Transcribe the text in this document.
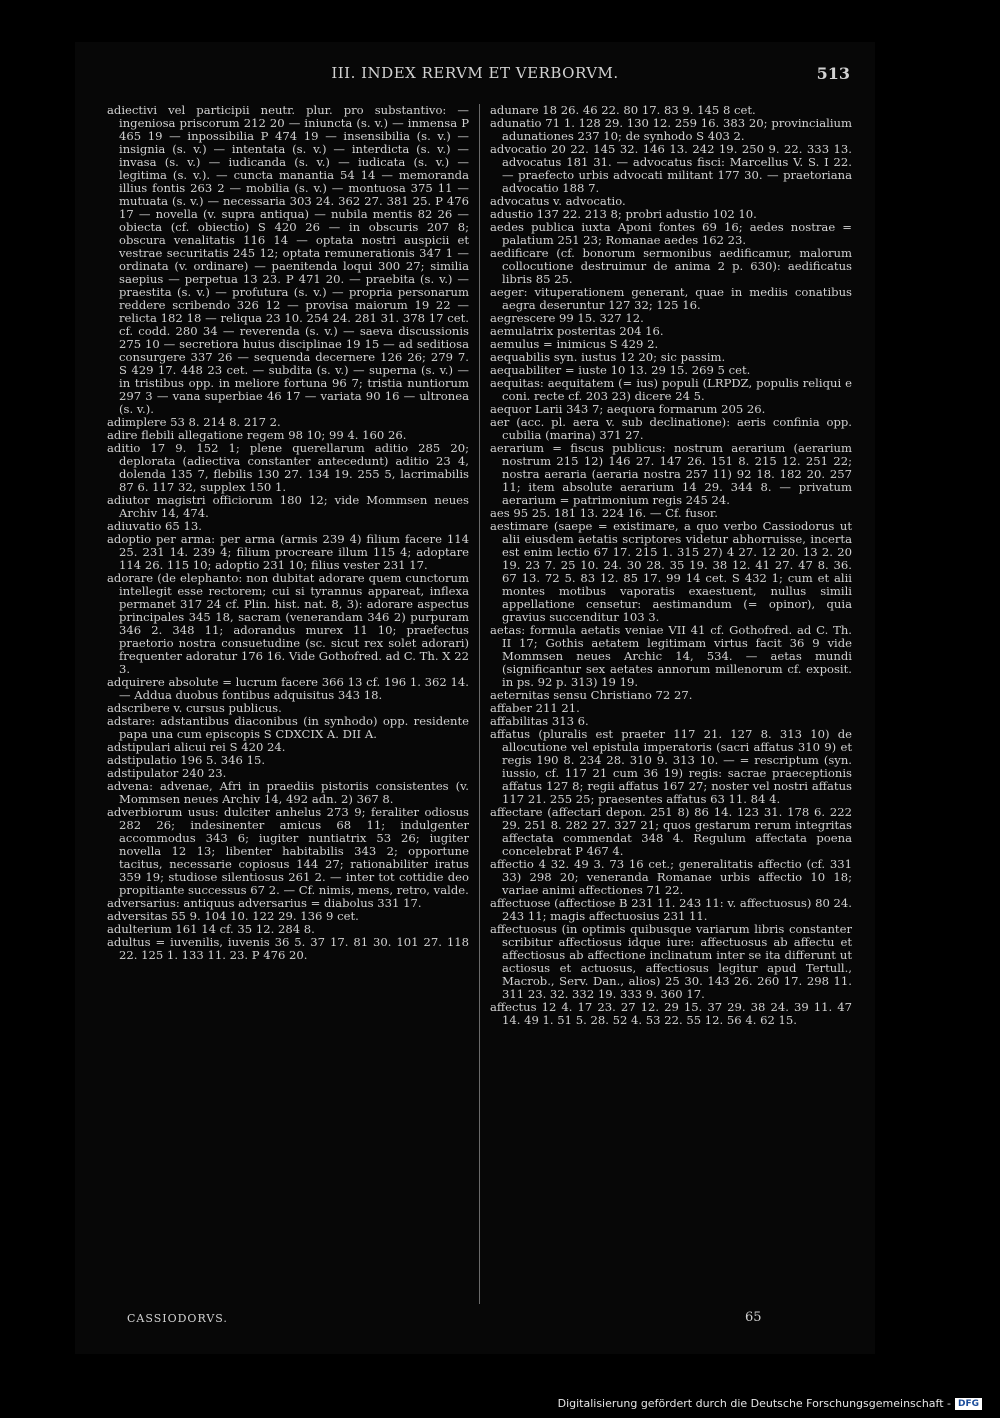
III. INDEX RERVM ET VERBORVM.	513

adiectivi vel participii neutr. plur. pro substantivo: — ingeniosa priscorum 212 20 — iniuncta (s. v.) — inmensa P 465 19 — inpossibilia P 474 19 — insensibilia (s. v.) — insignia (s. v.) — intentata (s. v.) — interdicta (s. v.) — invasa (s. v.) — iudicanda (s. v.) — iudicata (s. v.) — legitima (s. v.). — cuncta manantia 54 14 — memoranda illius fontis 263 2 — mobilia (s. v.) — montuosa 375 11 — mutuata (s. v.) — necessaria 303 24. 362 27. 381 25. P 476 17 — novella (v. supra antiqua) — nubila mentis 82 26 — obiecta (cf. obiectio) S 420 26 — in obscuris 207 8; obscura venalitatis 116 14 — optata nostri auspicii et vestrae securitatis 245 12; optata remunerationis 347 1 — ordinata (v. ordinare) — paenitenda loqui 300 27; similia saepius — perpetua 13 23. P 471 20. — praebita (s. v.) — praestita (s. v.) — profutura (s. v.) — propria personarum reddere scribendo 326 12 — provisa maiorum 19 22 — relicta 182 18 — reliqua 23 10. 254 24. 281 31. 378 17 cet. cf. codd. 280 34 — reverenda (s. v.) — saeva discussionis 275 10 — secretiora huius disciplinae 19 15 — ad seditiosa consurgere 337 26 — sequenda decernere 126 26; 279 7. S 429 17. 448 23 cet. — subdita (s. v.) — superna (s. v.) — in tristibus opp. in meliore fortuna 96 7; tristia nuntiorum 297 3 — vana superbiae 46 17 — variata 90 16 — ultronea (s. v.).

adimplere 53 8. 214 8. 217 2.

adire flebili allegatione regem 98 10; 99 4. 160 26.

aditio 17 9. 152 1; plene querellarum aditio 285 20; deplorata (adiectiva constanter antecedunt) aditio 23 4, dolenda 135 7, flebilis 130 27. 134 19. 255 5, lacrimabilis 87 6. 117 32, supplex 150 1.

adiutor magistri officiorum 180 12; vide Mommsen neues Archiv 14, 474.

adiuvatio 65 13.

adoptio per arma: per arma (armis 239 4) filium facere 114 25. 231 14. 239 4; filium procreare illum 115 4; adoptare 114 26. 115 10; adoptio 231 10; filius vester 231 17.

adorare (de elephanto: non dubitat adorare quem cunctorum intellegit esse rectorem; cui si tyrannus appareat, inflexa permanet 317 24 cf. Plin. hist. nat. 8, 3): adorare aspectus principales 345 18, sacram (venerandam 346 2) purpuram 346 2. 348 11; adorandus murex 11 10; praefectus praetorio nostra consuetudine (sc. sicut rex solet adorari) frequenter adoratur 176 16. Vide Gothofred. ad C. Th. X 22 3.

adquirere absolute = lucrum facere 366 13 cf. 196 1. 362 14. — Addua duobus fontibus adquisitus 343 18.

adscribere v. cursus publicus.

adstare: adstantibus diaconibus (in synhodo) opp. residente papa una cum episcopis S CDXCIX A. DII A.

adstipulari alicui rei S 420 24.

adstipulatio 196 5. 346 15.

adstipulator 240 23.

advena: advenae, Afri in praediis pistoriis consistentes (v. Mommsen neues Archiv 14, 492 adn. 2) 367 8.

adverbiorum usus: dulciter anhelus 273 9; feraliter odiosus 282 26; indesinenter amicus 68 11; indulgenter accommodus 343 6; iugiter nuntiatrix 53 26; iugiter novella 12 13; libenter habitabilis 343 2; opportune tacitus, necessarie copiosus 144 27; rationabiliter iratus 359 19; studiose silentiosus 261 2. — inter tot cottidie deo propitiante successus 67 2. — Cf. nimis, mens, retro, valde.

adversarius: antiquus adversarius = diabolus 331 17.

adversitas 55 9. 104 10. 122 29. 136 9 cet.

adulterium 161 14 cf. 35 12. 284 8.

adultus = iuvenilis, iuvenis 36 5. 37 17. 81 30. 101 27. 118 22. 125 1. 133 11. 23. P 476 20.

adunare 18 26. 46 22. 80 17. 83 9. 145 8 cet.

adunatio 71 1. 128 29. 130 12. 259 16. 383 20; provincialium adunationes 237 10; de synhodo S 403 2.

advocatio 20 22. 145 32. 146 13. 242 19. 250 9. 22. 333 13. advocatus 181 31. — advocatus fisci: Marcellus V. S. I 22. — praefecto urbis advocati militant 177 30. — praetoriana advocatio 188 7.

advocatus v. advocatio.

adustio 137 22. 213 8; probri adustio 102 10.

aedes publica iuxta Aponi fontes 69 16; aedes nostrae = palatium 251 23; Romanae aedes 162 23.

aedificare (cf. bonorum sermonibus aedificamur, malorum collocutione destruimur de anima 2 p. 630): aedificatus libris 85 25.

aeger: vituperationem generant, quae in mediis conatibus aegra deseruntur 127 32; 125 16.

aegrescere 99 15. 327 12.

aemulatrix posteritas 204 16.

aemulus = inimicus S 429 2.

aequabilis syn. iustus 12 20; sic passim.

aequabiliter = iuste 10 13. 29 15. 269 5 cet.

aequitas: aequitatem (= ius) populi (LRPDZ, populis reliqui e coni. recte cf. 203 23) dicere 24 5.

aequor Larii 343 7; aequora formarum 205 26.

aer (acc. pl. aera v. sub declinatione): aeris confinia opp. cubilia (marina) 371 27.

aerarium = fiscus publicus: nostrum aerarium (aerarium nostrum 215 12) 146 27. 147 26. 151 8. 215 12. 251 22; nostra aeraria (aeraria nostra 257 11) 92 18. 182 20. 257 11; item absolute aerarium 14 29. 344 8. — privatum aerarium = patrimonium regis 245 24.

aes 95 25. 181 13. 224 16. — Cf. fusor.

aestimare (saepe = existimare, a quo verbo Cassiodorus ut alii eiusdem aetatis scriptores videtur abhorruisse, incerta est enim lectio 67 17. 215 1. 315 27) 4 27. 12 20. 13 2. 20 19. 23 7. 25 10. 24. 30 28. 35 19. 38 12. 41 27. 47 8. 36. 67 13. 72 5. 83 12. 85 17. 99 14 cet. S 432 1; cum et alii montes motibus vaporatis exaestuent, nullus simili appellatione censetur: aestimandum (= opinor), quia gravius succenditur 103 3.

aetas: formula aetatis veniae VII 41 cf. Gothofred. ad C. Th. II 17; Gothis aetatem legitimam virtus facit 36 9 vide Mommsen neues Archic 14, 534. — aetas mundi (significantur sex aetates annorum millenorum cf. exposit. in ps. 92 p. 313) 19 19.

aeternitas sensu Christiano 72 27.

affaber 211 21.

affabilitas 313 6.

affatus (pluralis est praeter 117 21. 127 8. 313 10) de allocutione vel epistula imperatoris (sacri affatus 310 9) et regis 190 8. 234 28. 310 9. 313 10. — = rescriptum (syn. iussio, cf. 117 21 cum 36 19) regis: sacrae praeceptionis affatus 127 8; regii affatus 167 27; noster vel nostri affatus 117 21. 255 25; praesentes affatus 63 11. 84 4.

affectare (affectari depon. 251 8) 86 14. 123 31. 178 6. 222 29. 251 8. 282 27. 327 21; quos gestarum rerum integritas affectata commendat 348 4. Regulum affectata poena concelebrat P 467 4.

affectio 4 32. 49 3. 73 16 cet.; generalitatis affectio (cf. 331 33) 298 20; veneranda Romanae urbis affectio 10 18; variae animi affectiones 71 22.

affectuose (affectiose B 231 11. 243 11: v. affectuosus) 80 24. 243 11; magis affectuosius 231 11.

affectuosus (in optimis quibusque variarum libris constanter scribitur affectiosus idque iure: affectuosus ab affectu et affectiosus ab affectione inclinatum inter se ita differunt ut actiosus et actuosus, affectiosus legitur apud Tertull., Macrob., Serv. Dan., alios) 25 30. 143 26. 260 17. 298 11. 311 23. 32. 332 19. 333 9. 360 17.

affectus 12 4. 17 23. 27 12. 29 15. 37 29. 38 24. 39 11. 47 14. 49 1. 51 5. 28. 52 4. 53 22. 55 12. 56 4. 62 15.

CASSIODORVS.	65
Digitalisierung gefördert durch die Deutsche Forschungsgemeinschaft - DFG
